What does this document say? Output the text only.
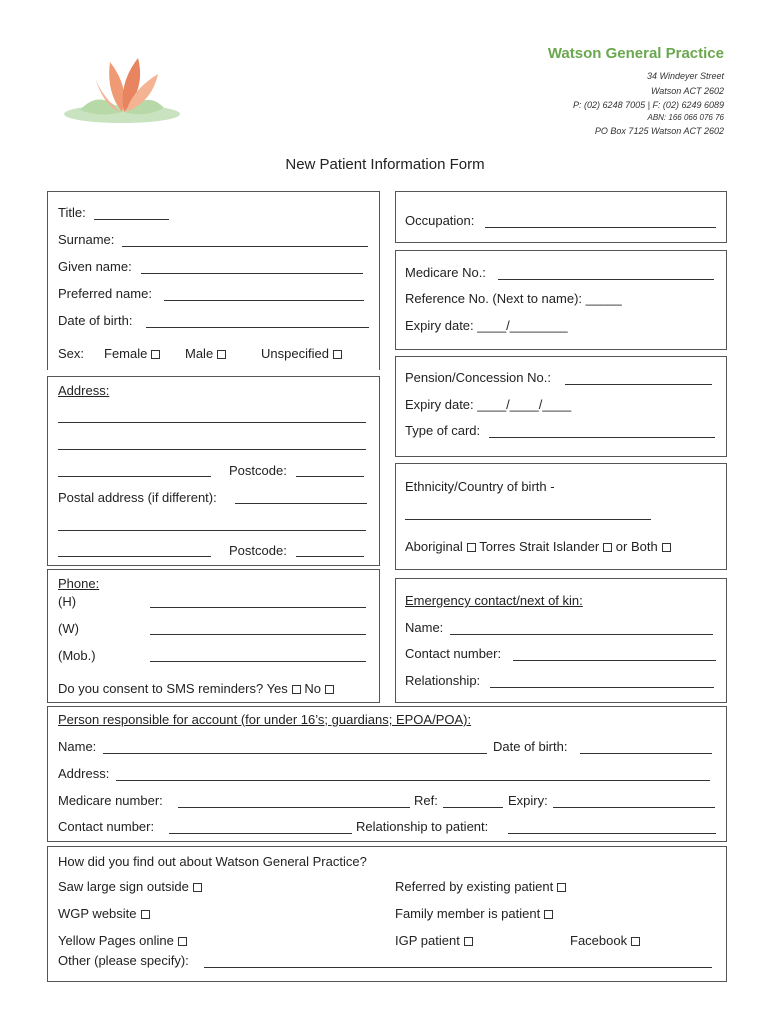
Watson General Practice
34 Windeyer Street
Watson ACT 2602
P: (02) 6248 7005 | F: (02) 6249 6089
ABN: 166 066 076 76
PO Box 7125 Watson ACT 2602
New Patient Information Form
Title:
Surname:
Given name:
Preferred name:
Date of birth:
Sex: Female	Male	Unspecified
Address:
Postcode:
Postal address (if different):
Postcode:
Phone:
(H)
(W)
(Mob.)
Do you consent to SMS reminders? Yes No
Occupation:
Medicare No.:
Reference No. (Next to name): _____
Expiry date: ____/________
Pension/Concession No.:
Expiry date: ____/____/____
Type of card:
Ethnicity/Country of birth -
Aboriginal Torres Strait Islander or Both
Emergency contact/next of kin:
Name:
Contact number:
Relationship:
Person responsible for account (for under 16’s; guardians; EPOA/POA):
Name:	Date of birth:
Address:
Medicare number:	Ref:	Expiry:
Contact number:	Relationship to patient:
How did you find out about Watson General Practice?
Saw large sign outside	Referred by existing patient
WGP website	Family member is patient
Yellow Pages online	IGP patient	Facebook
Other (please specify):
